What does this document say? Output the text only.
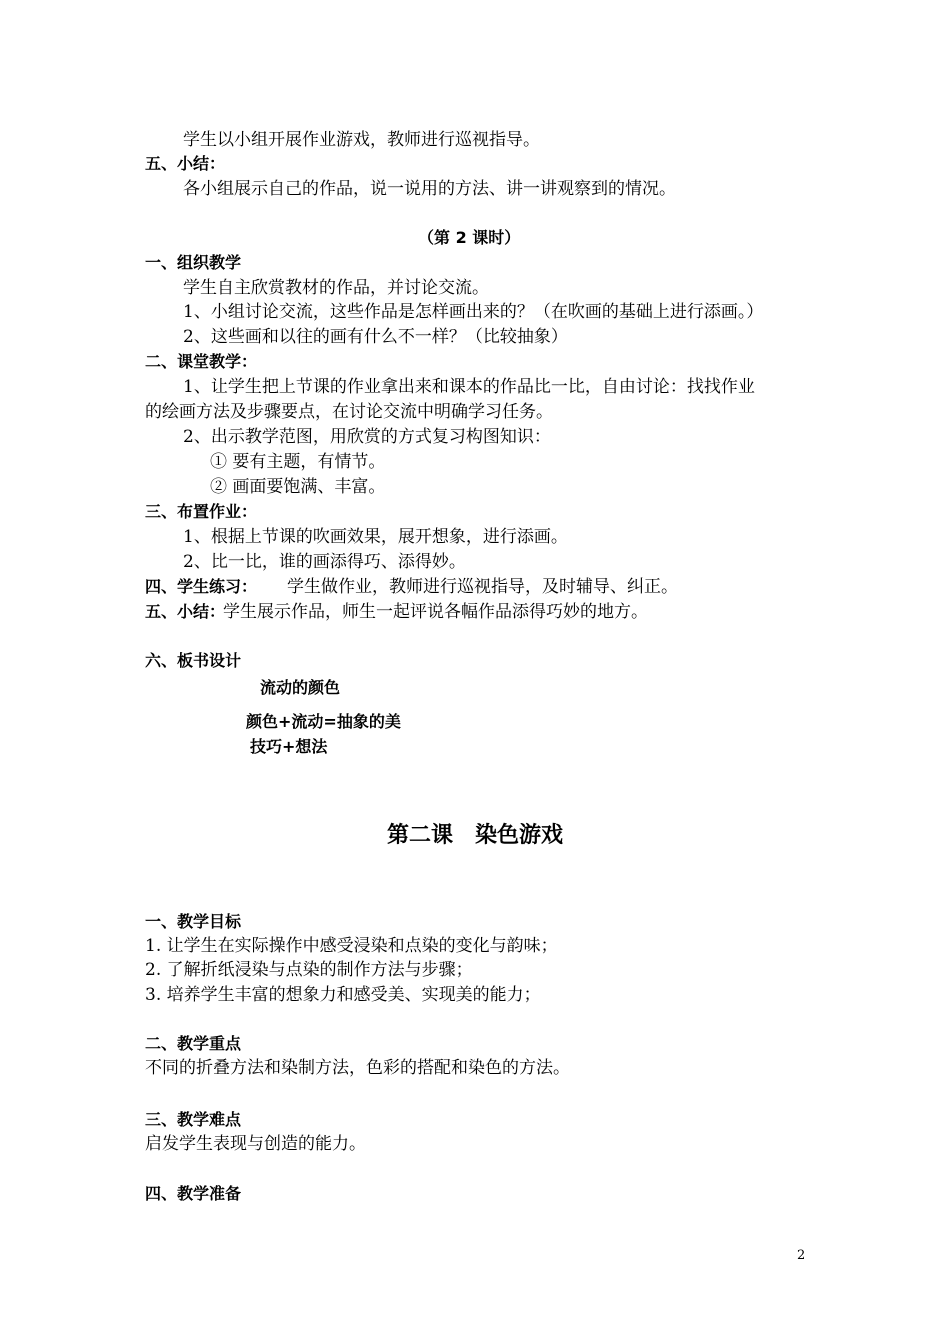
学生以小组开展作业游戏，教师进行巡视指导。
五、小结：
各小组展示自己的作品，说一说用的方法、讲一讲观察到的情况。
（第 2 课时）
一、组织教学
学生自主欣赏教材的作品，并讨论交流。
1、小组讨论交流，这些作品是怎样画出来的？（在吹画的基础上进行添画。）
2、这些画和以往的画有什么不一样？（比较抽象）
二、课堂教学：
1、让学生把上节课的作业拿出来和课本的作品比一比，自由讨论：找找作业
的绘画方法及步骤要点，在讨论交流中明确学习任务。
2、出示教学范图，用欣赏的方式复习构图知识：
① 要有主题，有情节。
② 画面要饱满、丰富。
三、布置作业：
1、根据上节课的吹画效果，展开想象，进行添画。
2、比一比，谁的画添得巧、添得妙。
四、学生练习： 学生做作业，教师进行巡视指导，及时辅导、纠正。
五、小结：
学生展示作品，师生一起评说各幅作品添得巧妙的地方。
六、板书设计
流动的颜色
颜色+流动=抽象的美
技巧+想法
第二课　染色游戏
一、教学目标
1. 让学生在实际操作中感受浸染和点染的变化与韵味；
2. 了解折纸浸染与点染的制作方法与步骤；
3. 培养学生丰富的想象力和感受美、实现美的能力；
二、教学重点
不同的折叠方法和染制方法，色彩的搭配和染色的方法。
三、教学难点
启发学生表现与创造的能力。
四、教学准备
2
